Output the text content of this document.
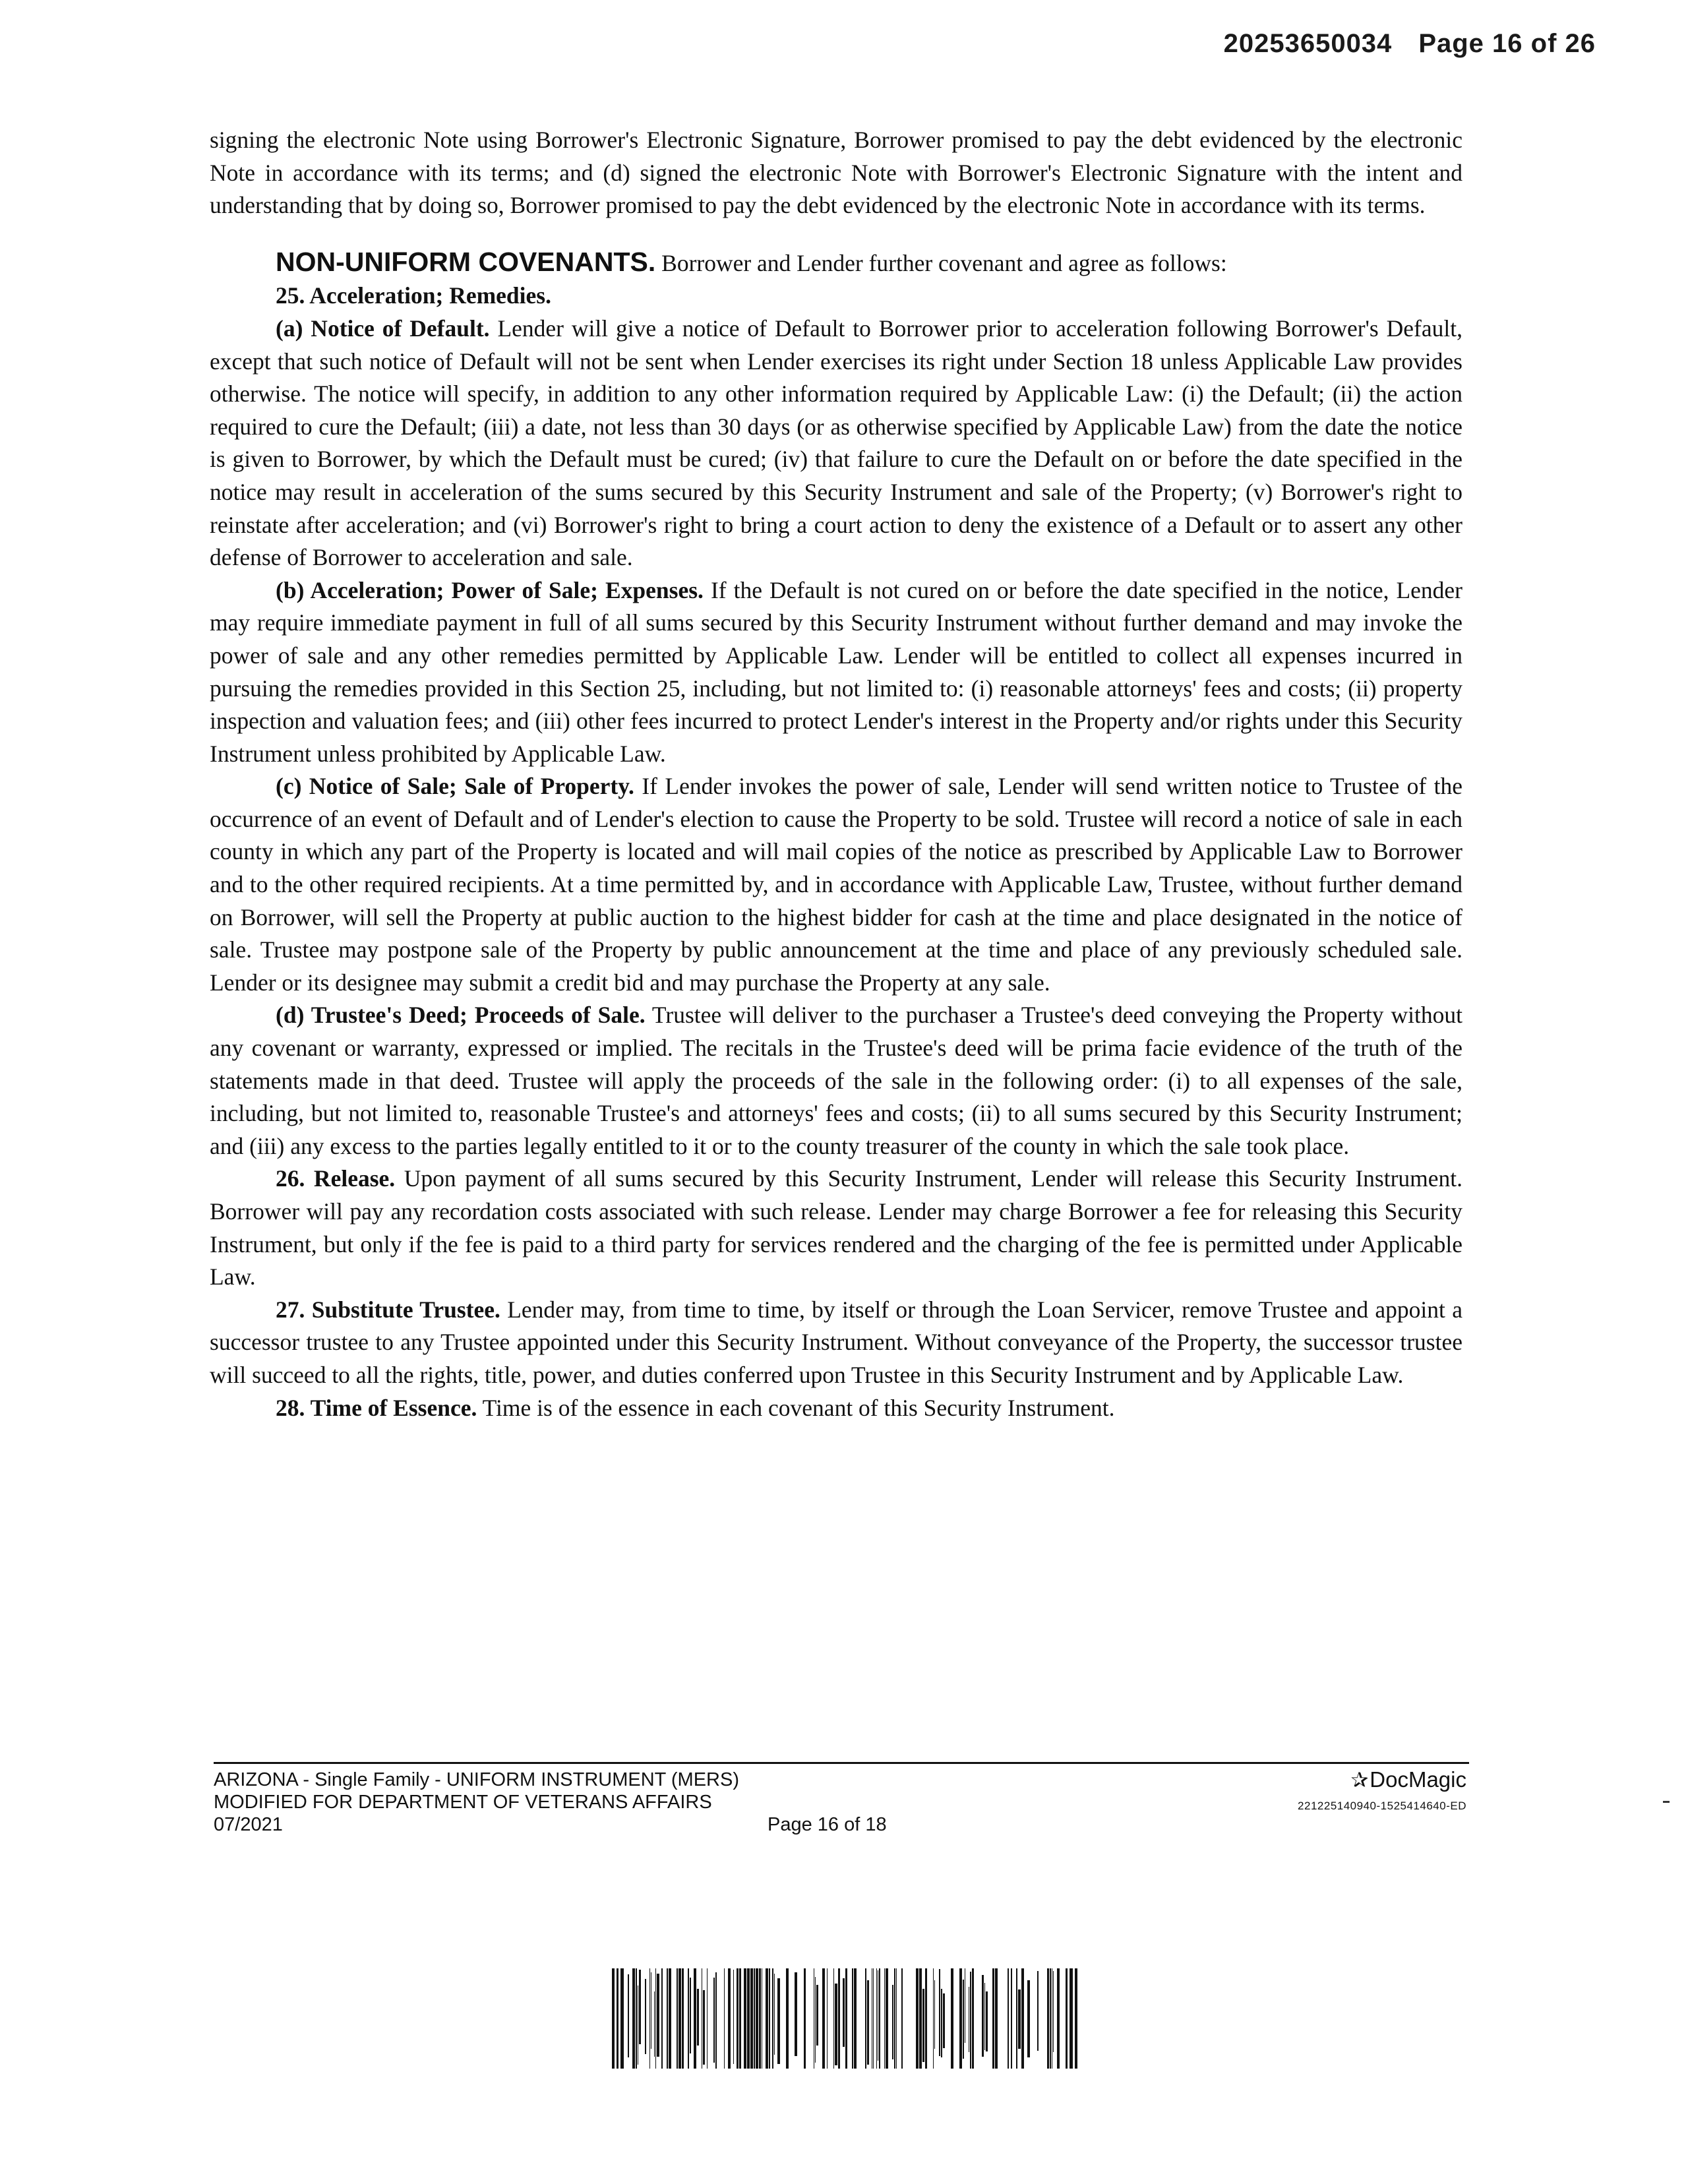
20253650034 Page 16 of 26

signing the electronic Note using Borrower's Electronic Signature, Borrower promised to pay the debt evidenced by the electronic Note in accordance with its terms; and (d) signed the electronic Note with Borrower's Electronic Signature with the intent and understanding that by doing so, Borrower promised to pay the debt evidenced by the electronic Note in accordance with its terms.

NON-UNIFORM COVENANTS. Borrower and Lender further covenant and agree as follows:

25. Acceleration; Remedies.

(a) Notice of Default. Lender will give a notice of Default to Borrower prior to acceleration following Borrower's Default, except that such notice of Default will not be sent when Lender exercises its right under Section 18 unless Applicable Law provides otherwise. The notice will specify, in addition to any other information required by Applicable Law: (i) the Default; (ii) the action required to cure the Default; (iii) a date, not less than 30 days (or as otherwise specified by Applicable Law) from the date the notice is given to Borrower, by which the Default must be cured; (iv) that failure to cure the Default on or before the date specified in the notice may result in acceleration of the sums secured by this Security Instrument and sale of the Property; (v) Borrower's right to reinstate after acceleration; and (vi) Borrower's right to bring a court action to deny the existence of a Default or to assert any other defense of Borrower to acceleration and sale.

(b) Acceleration; Power of Sale; Expenses. If the Default is not cured on or before the date specified in the notice, Lender may require immediate payment in full of all sums secured by this Security Instrument without further demand and may invoke the power of sale and any other remedies permitted by Applicable Law. Lender will be entitled to collect all expenses incurred in pursuing the remedies provided in this Section 25, including, but not limited to: (i) reasonable attorneys' fees and costs; (ii) property inspection and valuation fees; and (iii) other fees incurred to protect Lender's interest in the Property and/or rights under this Security Instrument unless prohibited by Applicable Law.

(c) Notice of Sale; Sale of Property. If Lender invokes the power of sale, Lender will send written notice to Trustee of the occurrence of an event of Default and of Lender's election to cause the Property to be sold. Trustee will record a notice of sale in each county in which any part of the Property is located and will mail copies of the notice as prescribed by Applicable Law to Borrower and to the other required recipients. At a time permitted by, and in accordance with Applicable Law, Trustee, without further demand on Borrower, will sell the Property at public auction to the highest bidder for cash at the time and place designated in the notice of sale. Trustee may postpone sale of the Property by public announcement at the time and place of any previously scheduled sale. Lender or its designee may submit a credit bid and may purchase the Property at any sale.

(d) Trustee's Deed; Proceeds of Sale. Trustee will deliver to the purchaser a Trustee's deed conveying the Property without any covenant or warranty, expressed or implied. The recitals in the Trustee's deed will be prima facie evidence of the truth of the statements made in that deed. Trustee will apply the proceeds of the sale in the following order: (i) to all expenses of the sale, including, but not limited to, reasonable Trustee's and attorneys' fees and costs; (ii) to all sums secured by this Security Instrument; and (iii) any excess to the parties legally entitled to it or to the county treasurer of the county in which the sale took place.

26. Release. Upon payment of all sums secured by this Security Instrument, Lender will release this Security Instrument. Borrower will pay any recordation costs associated with such release. Lender may charge Borrower a fee for releasing this Security Instrument, but only if the fee is paid to a third party for services rendered and the charging of the fee is permitted under Applicable Law.

27. Substitute Trustee. Lender may, from time to time, by itself or through the Loan Servicer, remove Trustee and appoint a successor trustee to any Trustee appointed under this Security Instrument. Without conveyance of the Property, the successor trustee will succeed to all the rights, title, power, and duties conferred upon Trustee in this Security Instrument and by Applicable Law.

28. Time of Essence. Time is of the essence in each covenant of this Security Instrument.

ARIZONA - Single Family - UNIFORM INSTRUMENT (MERS)
MODIFIED FOR DEPARTMENT OF VETERANS AFFAIRS
07/2021	Page 16 of 18
✰DocMagic
221225140940-1525414640-ED
